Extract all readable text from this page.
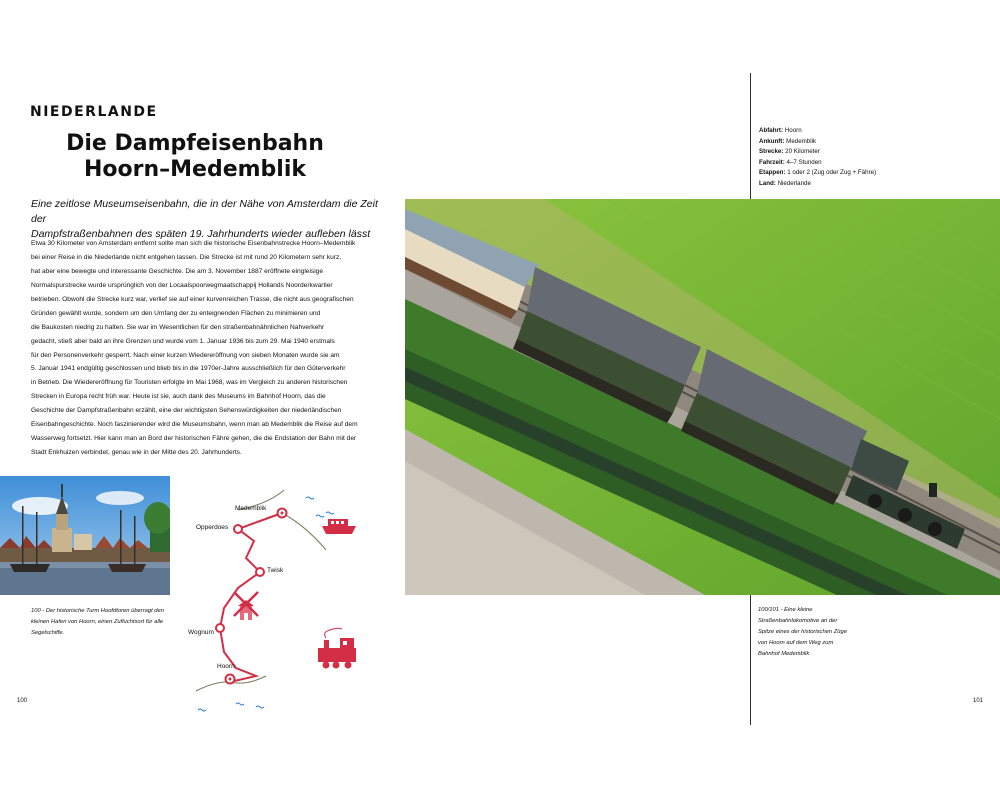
NIEDERLANDE
Die Dampfeisenbahn
Hoorn–Medemblik
Eine zeitlose Museumseisenbahn, die in der Nähe von Amsterdam die Zeit der
Dampfstraßenbahnen des späten 19. Jahrhunderts wieder aufleben lässt
Etwa 30 Kilometer von Amsterdam entfernt sollte man sich die historische Eisenbahnstrecke Hoorn–Medemblik
bei einer Reise in die Niederlande nicht entgehen lassen. Die Strecke ist mit rund 20 Kilometern sehr kurz,
hat aber eine bewegte und interessante Geschichte. Die am 3. November 1887 eröffnete eingleisige
Normalspurstrecke wurde ursprünglich von der Locaalspoorwegmaatschappij Hollands Noorderkwartier
betrieben. Obwohl die Strecke kurz war, verlief sie auf einer kurvenreichen Trasse, die nicht aus geografischen
Gründen gewählt wurde, sondern um den Umfang der zu enteignenden Flächen zu minimieren und
die Baukosten niedrig zu halten. Sie war im Wesentlichen für den straßenbahnähnlichen Nahverkehr
gedacht, stieß aber bald an ihre Grenzen und wurde vom 1. Januar 1936 bis zum 29. Mai 1940 erstmals
für den Personenverkehr gesperrt. Nach einer kurzen Wiedereröffnung von sieben Monaten wurde sie am
5. Januar 1941 endgültig geschlossen und blieb bis in die 1970er-Jahre ausschließlich für den Güterverkehr
in Betrieb. Die Wiedereröffnung für Touristen erfolgte im Mai 1968, was im Vergleich zu anderen historischen
Strecken in Europa recht früh war. Heute ist sie, auch dank des Museums im Bahnhof Hoorn, das die
Geschichte der Dampfstraßenbahn erzählt, eine der wichtigsten Sehenswürdigkeiten der niederländischen
Eisenbahngeschichte. Noch faszinierender wird die Museumsbahn, wenn man ab Medemblik die Reise auf dem
Wasserweg fortsetzt. Hier kann man an Bord der historischen Fähre gehen, die die Endstation der Bahn mit der
Stadt Enkhuizen verbindet, genau wie in der Mitte des 20. Jahrhunderts.
100 - Der historische Turm Hoofdtoren überragt den
kleinen Hafen von Hoorn, einen Zufluchtsort für alle
Segelschiffe.
100
Medemblik
Opperdoes
Twisk
Wognum
Hoorn
Abfahrt: Hoorn
Ankunft: Medemblik
Strecke: 20 Kilometer
Fahrzeit: 4–7 Stunden
Etappen: 1 oder 2 (Zug oder Zug + Fähre)
Land: Niederlande
100/101 - Eine kleine
Straßenbahnlokomotive an der
Spitze eines der historischen Züge
von Hoorn auf dem Weg zum
Bahnhof Medemblik
101
